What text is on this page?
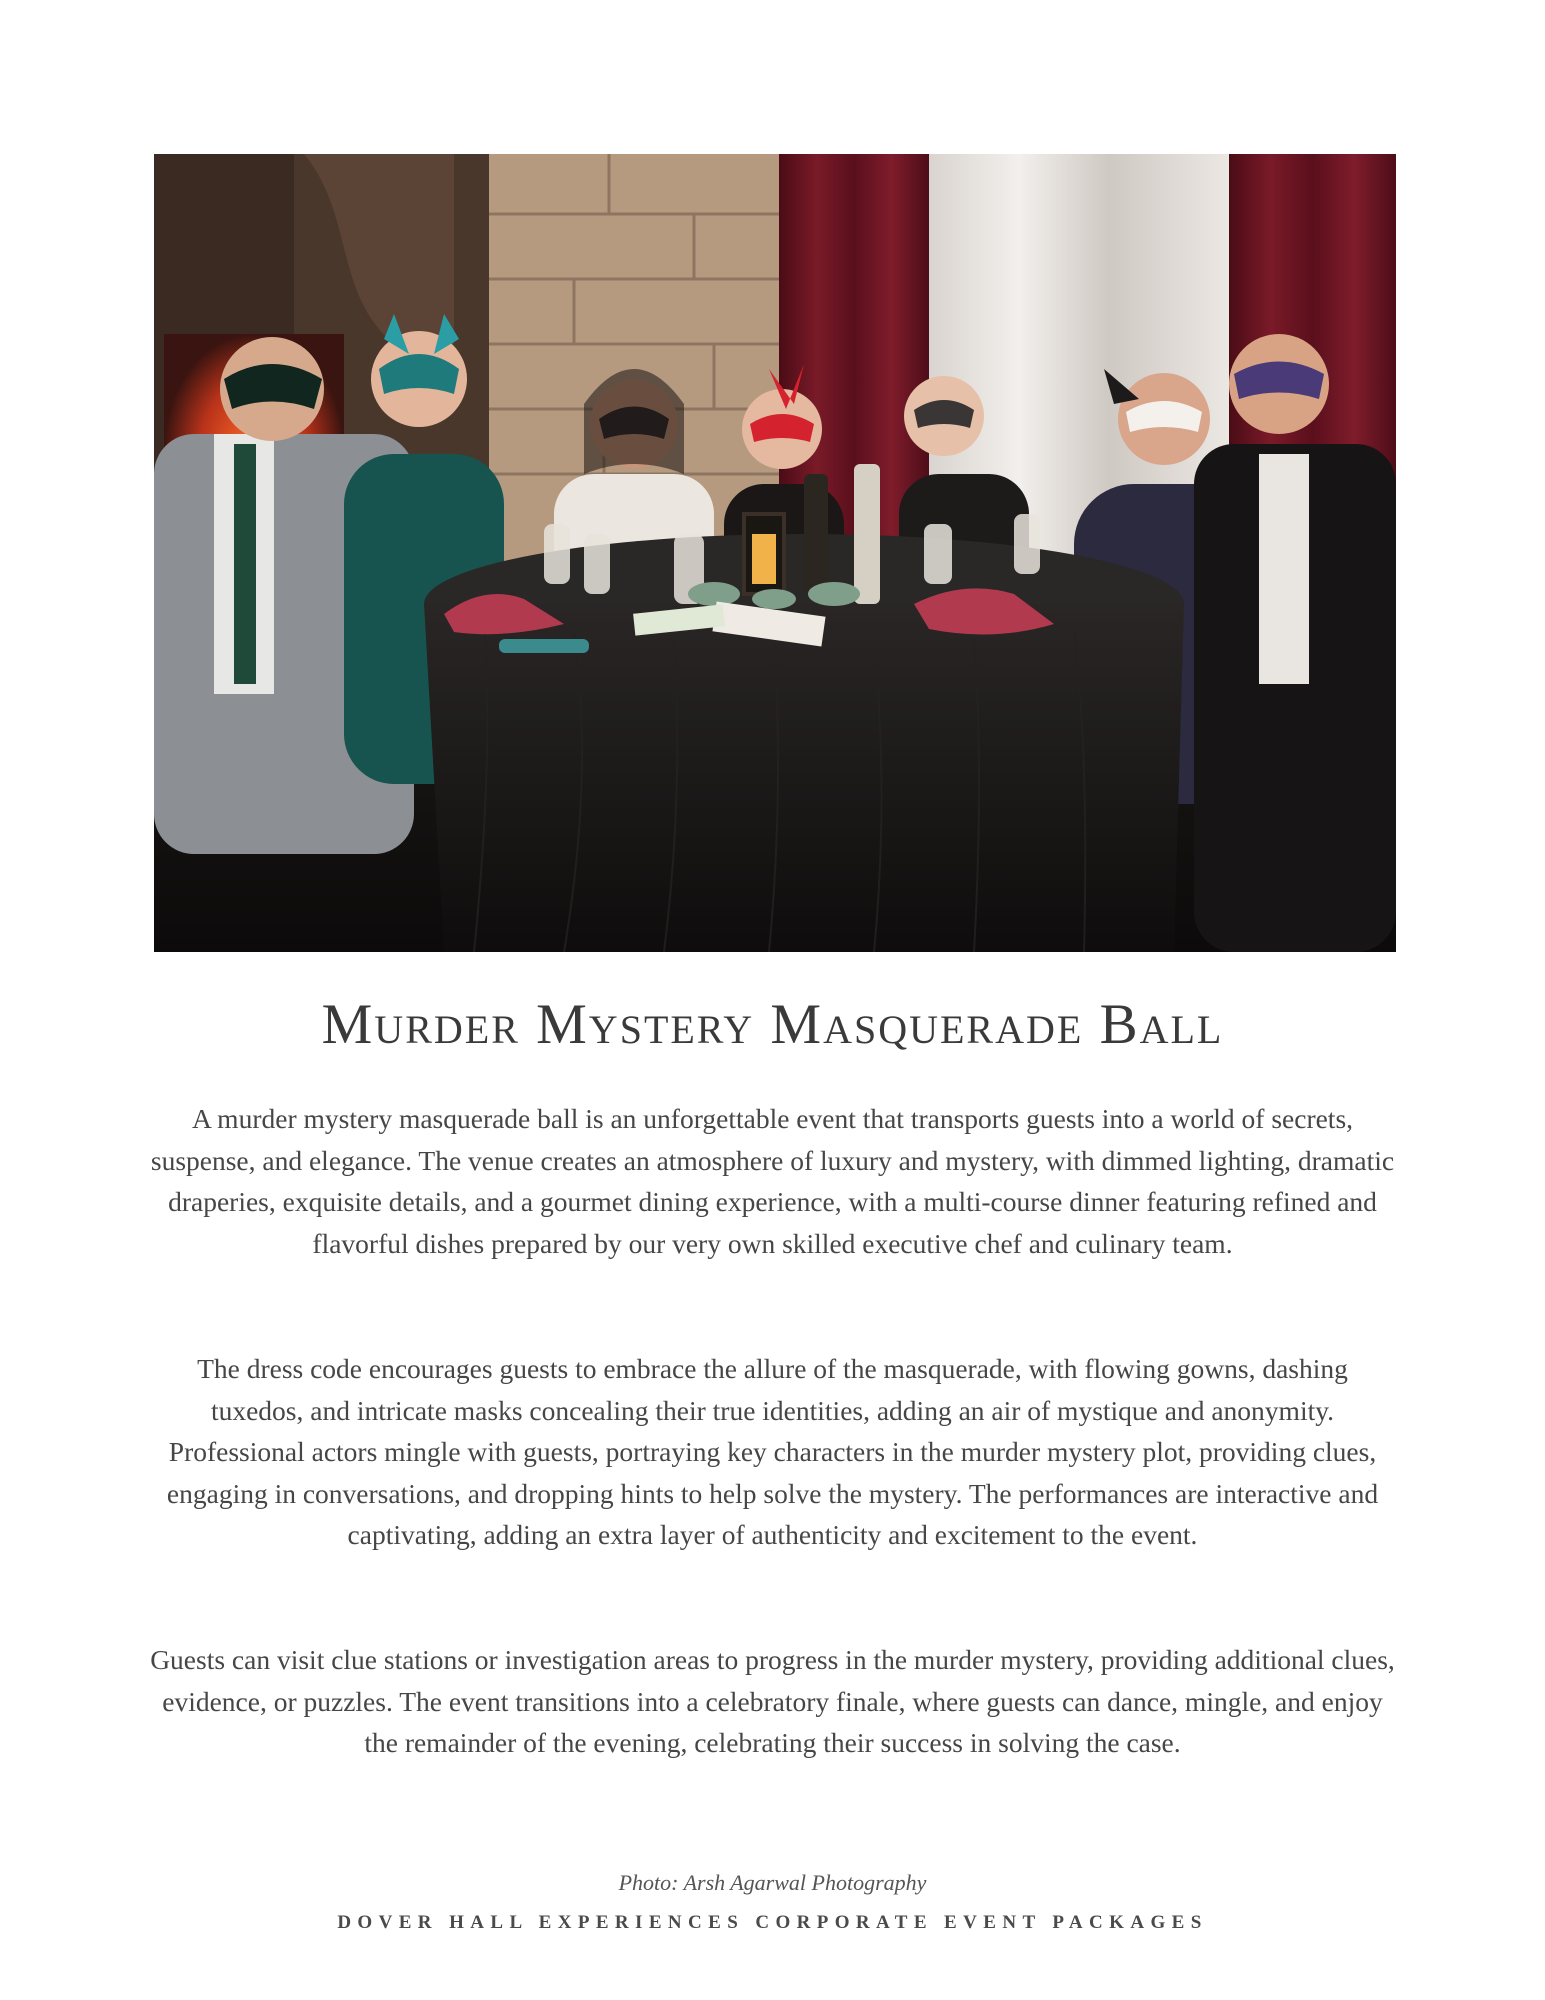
Murder Mystery Masquerade Ball

A murder mystery masquerade ball is an unforgettable event that transports guests into a world of secrets, suspense, and elegance. The venue creates an atmosphere of luxury and mystery, with dimmed lighting, dramatic draperies, exquisite details, and a gourmet dining experience, with a multi-course dinner featuring refined and flavorful dishes prepared by our very own skilled executive chef and culinary team.

The dress code encourages guests to embrace the allure of the masquerade, with flowing gowns, dashing tuxedos, and intricate masks concealing their true identities, adding an air of mystique and anonymity. Professional actors mingle with guests, portraying key characters in the murder mystery plot, providing clues, engaging in conversations, and dropping hints to help solve the mystery. The performances are interactive and captivating, adding an extra layer of authenticity and excitement to the event.

Guests can visit clue stations or investigation areas to progress in the murder mystery, providing additional clues, evidence, or puzzles. The event transitions into a celebratory finale, where guests can dance, mingle, and enjoy the remainder of the evening, celebrating their success in solving the case.

Photo: Arsh Agarwal Photography
DOVER HALL EXPERIENCES CORPORATE EVENT PACKAGES
